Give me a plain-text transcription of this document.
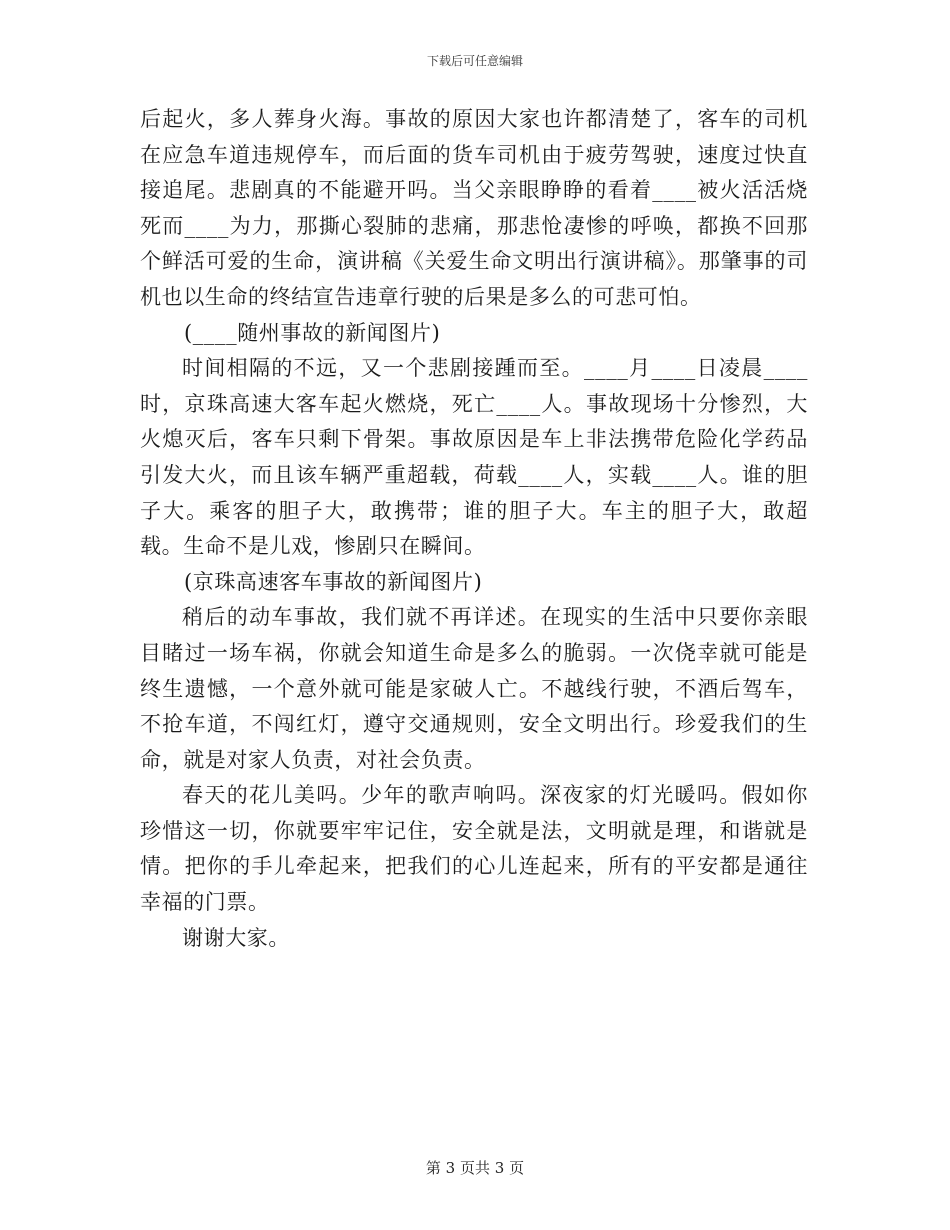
下载后可任意编辑

后起火，多人葬身火海。事故的原因大家也许都清楚了，客车的司机在应急车道违规停车，而后面的货车司机由于疲劳驾驶，速度过快直接追尾。悲剧真的不能避开吗。当父亲眼睁睁的看着____被火活活烧死而____为力，那撕心裂肺的悲痛，那悲怆凄惨的呼唤，都换不回那个鲜活可爱的生命，演讲稿《关爱生命文明出行演讲稿》。那肇事的司机也以生命的终结宣告违章行驶的后果是多么的可悲可怕。

(____随州事故的新闻图片)

时间相隔的不远，又一个悲剧接踵而至。____月____日凌晨____时，京珠高速大客车起火燃烧，死亡____人。事故现场十分惨烈，大火熄灭后，客车只剩下骨架。事故原因是车上非法携带危险化学药品引发大火，而且该车辆严重超载，荷载____人，实载____人。谁的胆子大。乘客的胆子大，敢携带；谁的胆子大。车主的胆子大，敢超载。生命不是儿戏，惨剧只在瞬间。

(京珠高速客车事故的新闻图片)

稍后的动车事故，我们就不再详述。在现实的生活中只要你亲眼目睹过一场车祸，你就会知道生命是多么的脆弱。一次侥幸就可能是终生遗憾，一个意外就可能是家破人亡。不越线行驶，不酒后驾车，不抢车道，不闯红灯，遵守交通规则，安全文明出行。珍爱我们的生命，就是对家人负责，对社会负责。

春天的花儿美吗。少年的歌声响吗。深夜家的灯光暖吗。假如你珍惜这一切，你就要牢牢记住，安全就是法，文明就是理，和谐就是情。把你的手儿牵起来，把我们的心儿连起来，所有的平安都是通往幸福的门票。

谢谢大家。

第 3 页共 3 页
